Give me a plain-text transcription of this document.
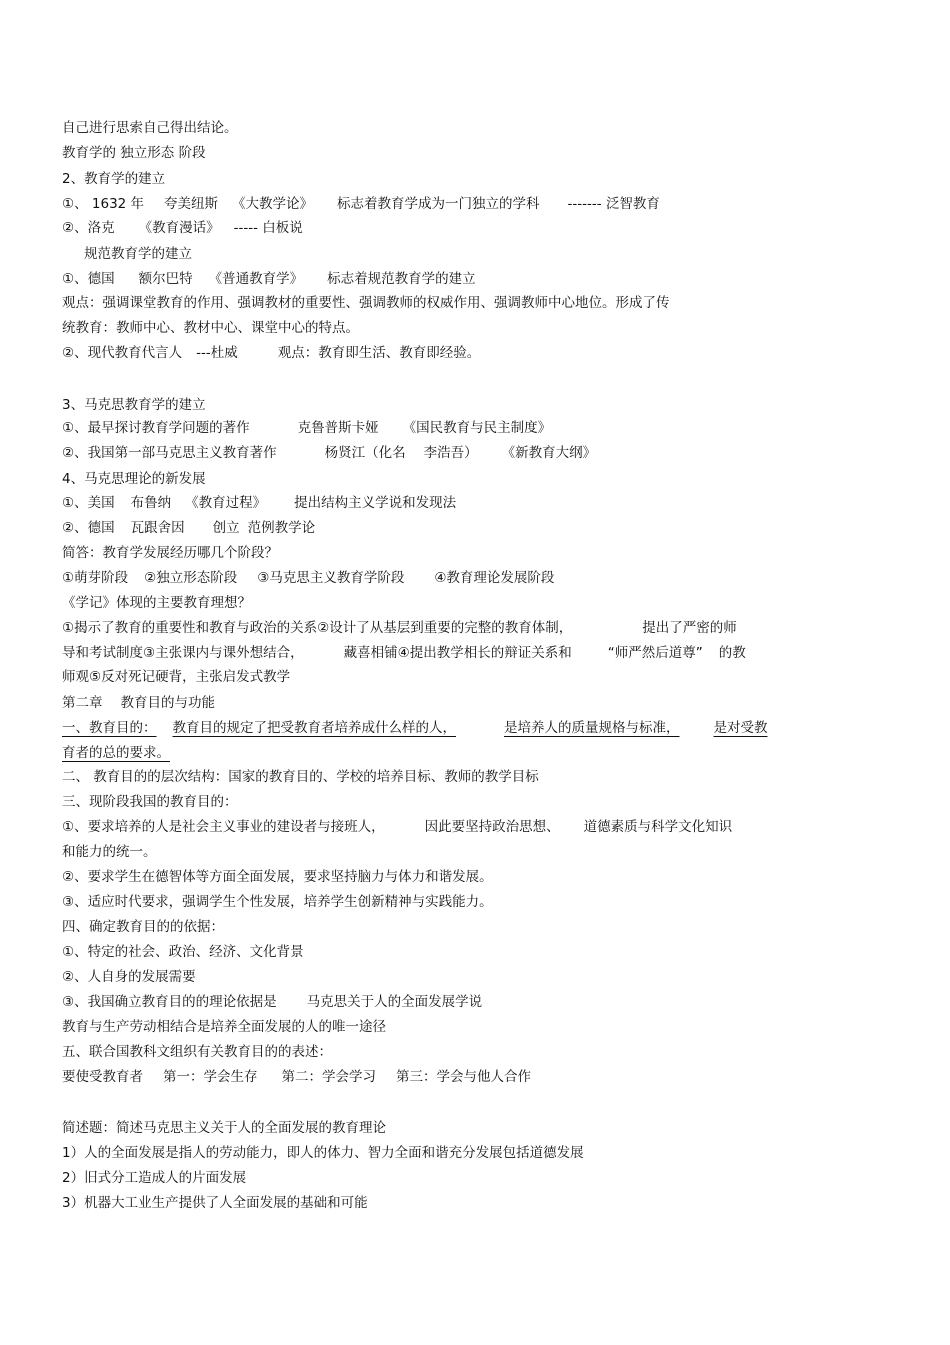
自己进行思索自己得出结论。
教育学的 独立形态 阶段
2、教育学的建立
①、 1632 年 夸美纽斯 《大教学论》 标志着教育学成为一门独立的学科 ------- 泛智教育
②、洛克 《教育漫话》 ----- 白板说
规范教育学的建立
①、德国 额尔巴特 《普通教育学》 标志着规范教育学的建立
观点：强调课堂教育的作用、强调教材的重要性、强调教师的权威作用、强调教师中心地位。形成了传
统教育：教师中心、教材中心、课堂中心的特点。
②、现代教育代言人 ---杜威	观点：教育即生活、教育即经验。
3、马克思教育学的建立
①、最早探讨教育学问题的著作	克鲁普斯卡娅 《国民教育与民主制度》
②、我国第一部马克思主义教育著作	杨贤江（化名 李浩吾） 《新教育大纲》
4、马克思理论的新发展
①、美国 布鲁纳 《教育过程》 提出结构主义学说和发现法
②、德国 瓦跟舍因 创立 范例教学论
简答：教育学发展经历哪几个阶段？
①萌芽阶段 ②独立形态阶段 ③马克思主义教育学阶段 ④教育理论发展阶段
《学记》体现的主要教育理想？
①揭示了教育的重要性和教育与政治的关系②设计了从基层到重要的完整的教育体制，	提出了严密的师
导和考试制度③主张课内与课外想结合，	藏喜相铺④提出教学相长的辩证关系和	“师严然后道尊” 的教
师观⑤反对死记硬背，主张启发式教学
第二章 教育目的与功能
一、教育目的： 教育目的规定了把受教育者培养成什么样的人，	是培养人的质量规格与标准，	是对受教
育者的总的要求。
二、 教育目的的层次结构：国家的教育目的、学校的培养目标、教师的教学目标
三、现阶段我国的教育目的：
①、要求培养的人是社会主义事业的建设者与接班人，	因此要坚持政治思想、 道德素质与科学文化知识
和能力的统一。
②、要求学生在德智体等方面全面发展，要求坚持脑力与体力和谐发展。
③、适应时代要求，强调学生个性发展，培养学生创新精神与实践能力。
四、确定教育目的的依据：
①、特定的社会、政治、经济、文化背景
②、人自身的发展需要
③、我国确立教育目的的理论依据是 马克思关于人的全面发展学说
教育与生产劳动相结合是培养全面发展的人的唯一途径
五、联合国教科文组织有关教育目的的表述：
要使受教育者 第一：学会生存 第二：学会学习 第三：学会与他人合作
简述题：简述马克思主义关于人的全面发展的教育理论
1）人的全面发展是指人的劳动能力，即人的体力、智力全面和谐充分发展包括道德发展
2）旧式分工造成人的片面发展
3）机器大工业生产提供了人全面发展的基础和可能
